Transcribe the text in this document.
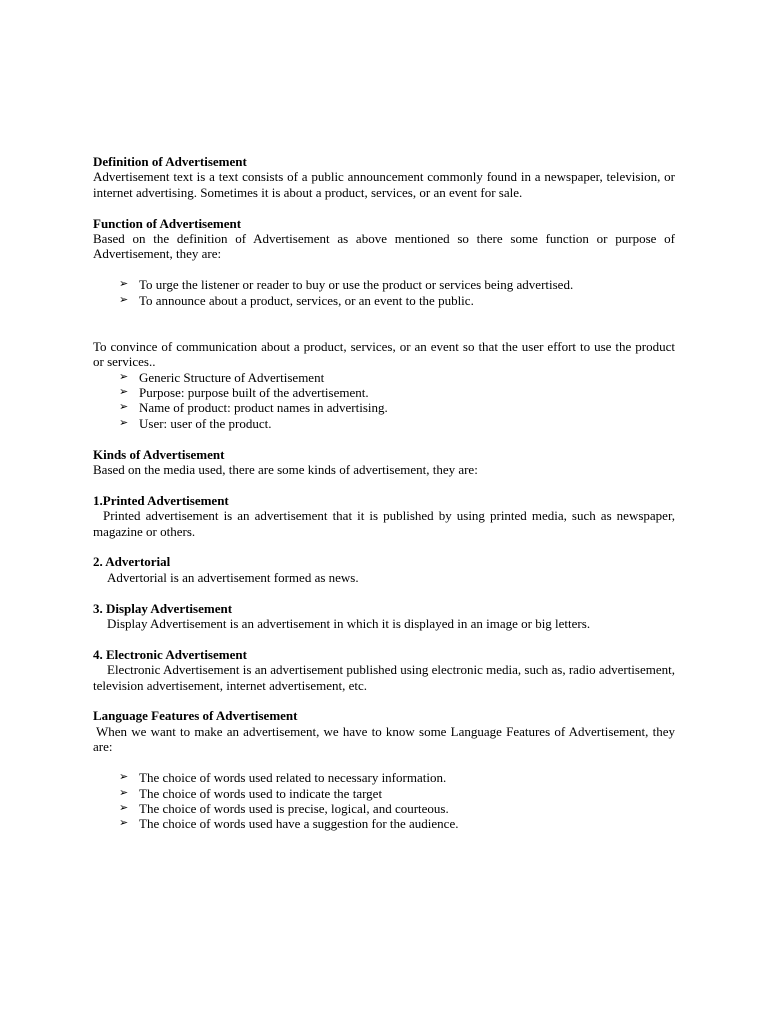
Definition of Advertisement

Advertisement text is a text consists of a public announcement commonly found in a newspaper, television, or internet advertising. Sometimes it is about a product, services, or an event for sale.

Function of Advertisement

Based on the definition of Advertisement as above mentioned so there some function or purpose of Advertisement, they are:

➢ To urge the listener or reader to buy or use the product or services being advertised.
➢ To announce about a product, services, or an event to the public.

To convince of communication about a product, services, or an event so that the user effort to use the product or services..

➢ Generic Structure of Advertisement
➢ Purpose: purpose built of the advertisement.
➢ Name of product: product names in advertising.
➢ User: user of the product.
Kinds of Advertisement

Based on the media used, there are some kinds of advertisement, they are:

1.Printed Advertisement

Printed advertisement is an advertisement that it is published by using printed media, such as newspaper, magazine or others.

2. Advertorial

Advertorial is an advertisement formed as news.

3. Display Advertisement

Display Advertisement is an advertisement in which it is displayed in an image or big letters.

4. Electronic Advertisement

Electronic Advertisement is an advertisement published using electronic media, such as, radio advertisement, television advertisement, internet advertisement, etc.

Language Features of Advertisement

When we want to make an advertisement, we have to know some Language Features of Advertisement, they are:

➢ The choice of words used related to necessary information.
➢ The choice of words used to indicate the target
➢ The choice of words used is precise, logical, and courteous.
➢ The choice of words used have a suggestion for the audience.
